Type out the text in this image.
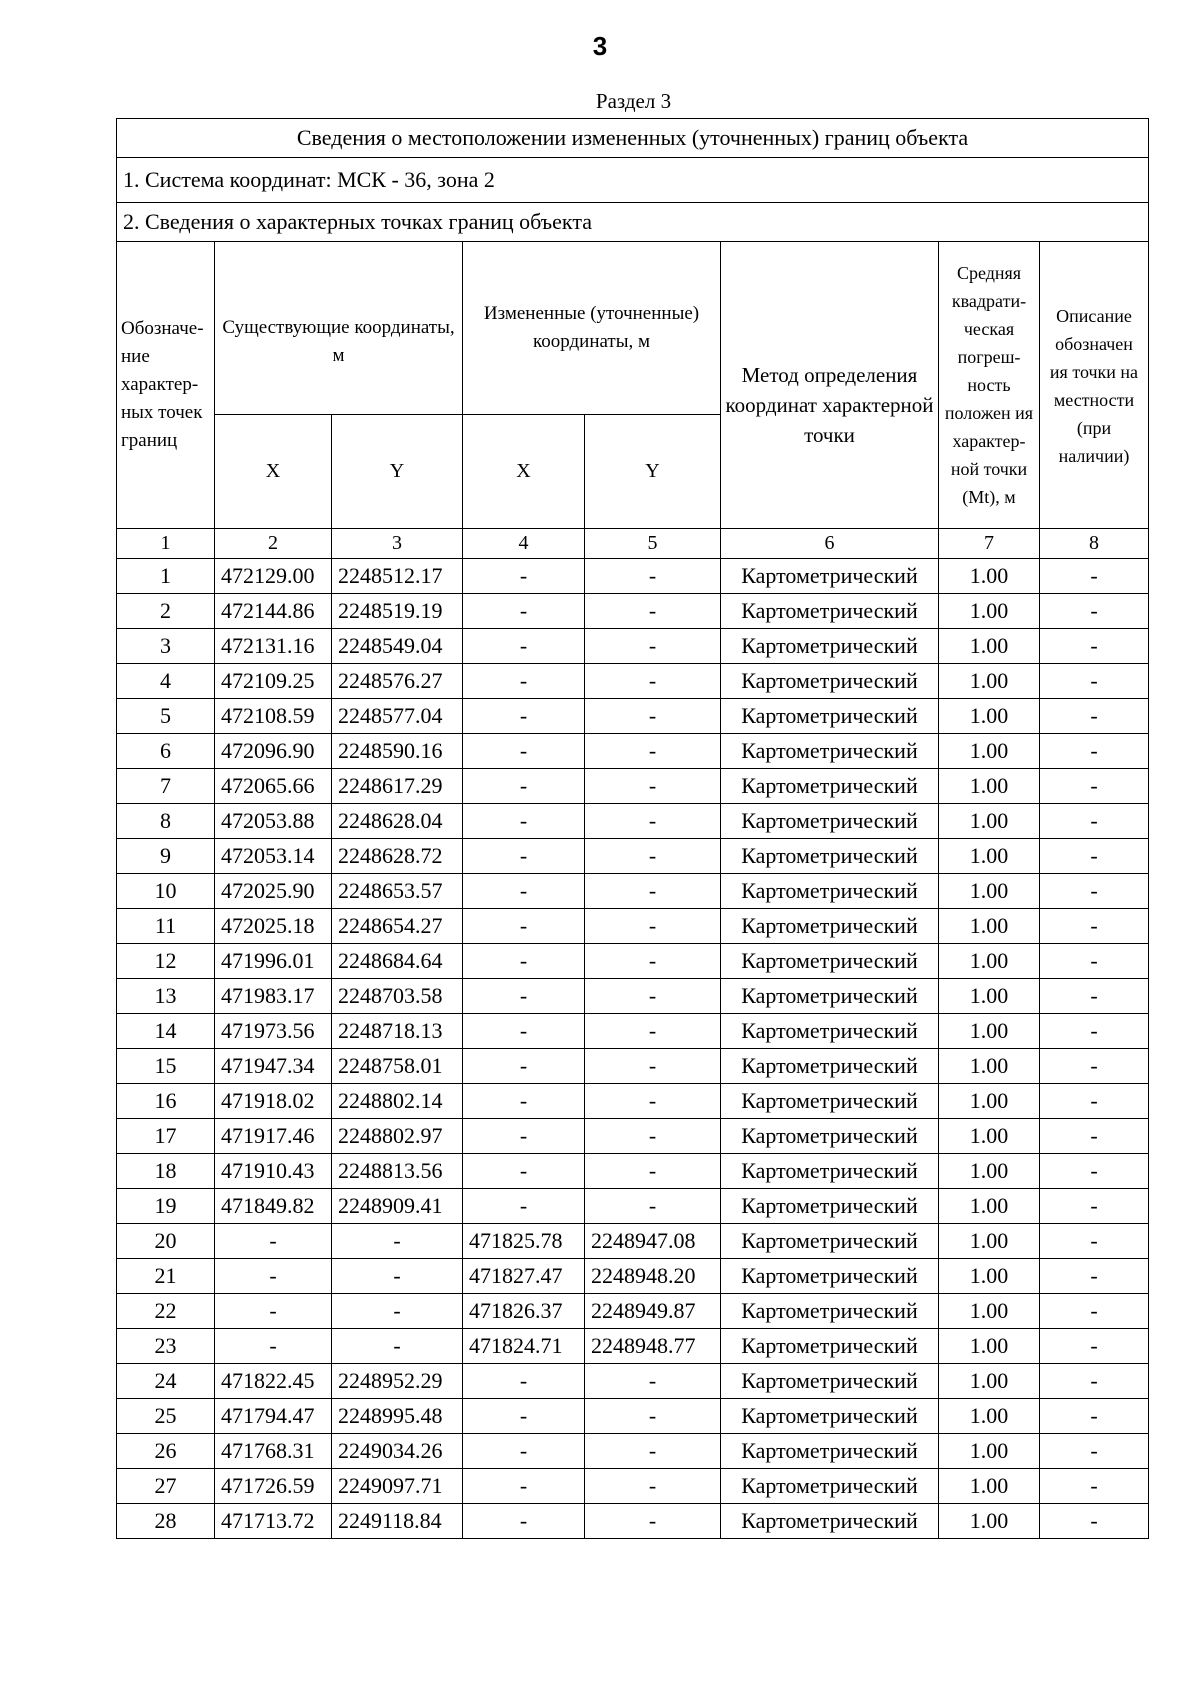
3
Раздел 3
Сведения о местоположении измененных (уточненных) границ объекта							
1. Система координат: МСК - 36, зона 2							
2. Сведения о характерных точках границ объекта							
Обозначе-ние характер-ных точек границ	Существующие координаты, м		Измененные (уточненные) координаты, м		Метод определения координат характерной точки	Средняя квадрати-ческая погреш-ность положен ия характер-ной точки (Mt), м	Описание обозначен ия точки на местности (при наличии)
	X	Y	X	Y			
1	2	3	4	5	6	7	8
1	472129.00	2248512.17	-	-	Картометрический	1.00	-
2	472144.86	2248519.19	-	-	Картометрический	1.00	-
3	472131.16	2248549.04	-	-	Картометрический	1.00	-
4	472109.25	2248576.27	-	-	Картометрический	1.00	-
5	472108.59	2248577.04	-	-	Картометрический	1.00	-
6	472096.90	2248590.16	-	-	Картометрический	1.00	-
7	472065.66	2248617.29	-	-	Картометрический	1.00	-
8	472053.88	2248628.04	-	-	Картометрический	1.00	-
9	472053.14	2248628.72	-	-	Картометрический	1.00	-
10	472025.90	2248653.57	-	-	Картометрический	1.00	-
11	472025.18	2248654.27	-	-	Картометрический	1.00	-
12	471996.01	2248684.64	-	-	Картометрический	1.00	-
13	471983.17	2248703.58	-	-	Картометрический	1.00	-
14	471973.56	2248718.13	-	-	Картометрический	1.00	-
15	471947.34	2248758.01	-	-	Картометрический	1.00	-
16	471918.02	2248802.14	-	-	Картометрический	1.00	-
17	471917.46	2248802.97	-	-	Картометрический	1.00	-
18	471910.43	2248813.56	-	-	Картометрический	1.00	-
19	471849.82	2248909.41	-	-	Картометрический	1.00	-
20	-	-	471825.78	2248947.08	Картометрический	1.00	-
21	-	-	471827.47	2248948.20	Картометрический	1.00	-
22	-	-	471826.37	2248949.87	Картометрический	1.00	-
23	-	-	471824.71	2248948.77	Картометрический	1.00	-
24	471822.45	2248952.29	-	-	Картометрический	1.00	-
25	471794.47	2248995.48	-	-	Картометрический	1.00	-
26	471768.31	2249034.26	-	-	Картометрический	1.00	-
27	471726.59	2249097.71	-	-	Картометрический	1.00	-
28	471713.72	2249118.84	-	-	Картометрический	1.00	-
